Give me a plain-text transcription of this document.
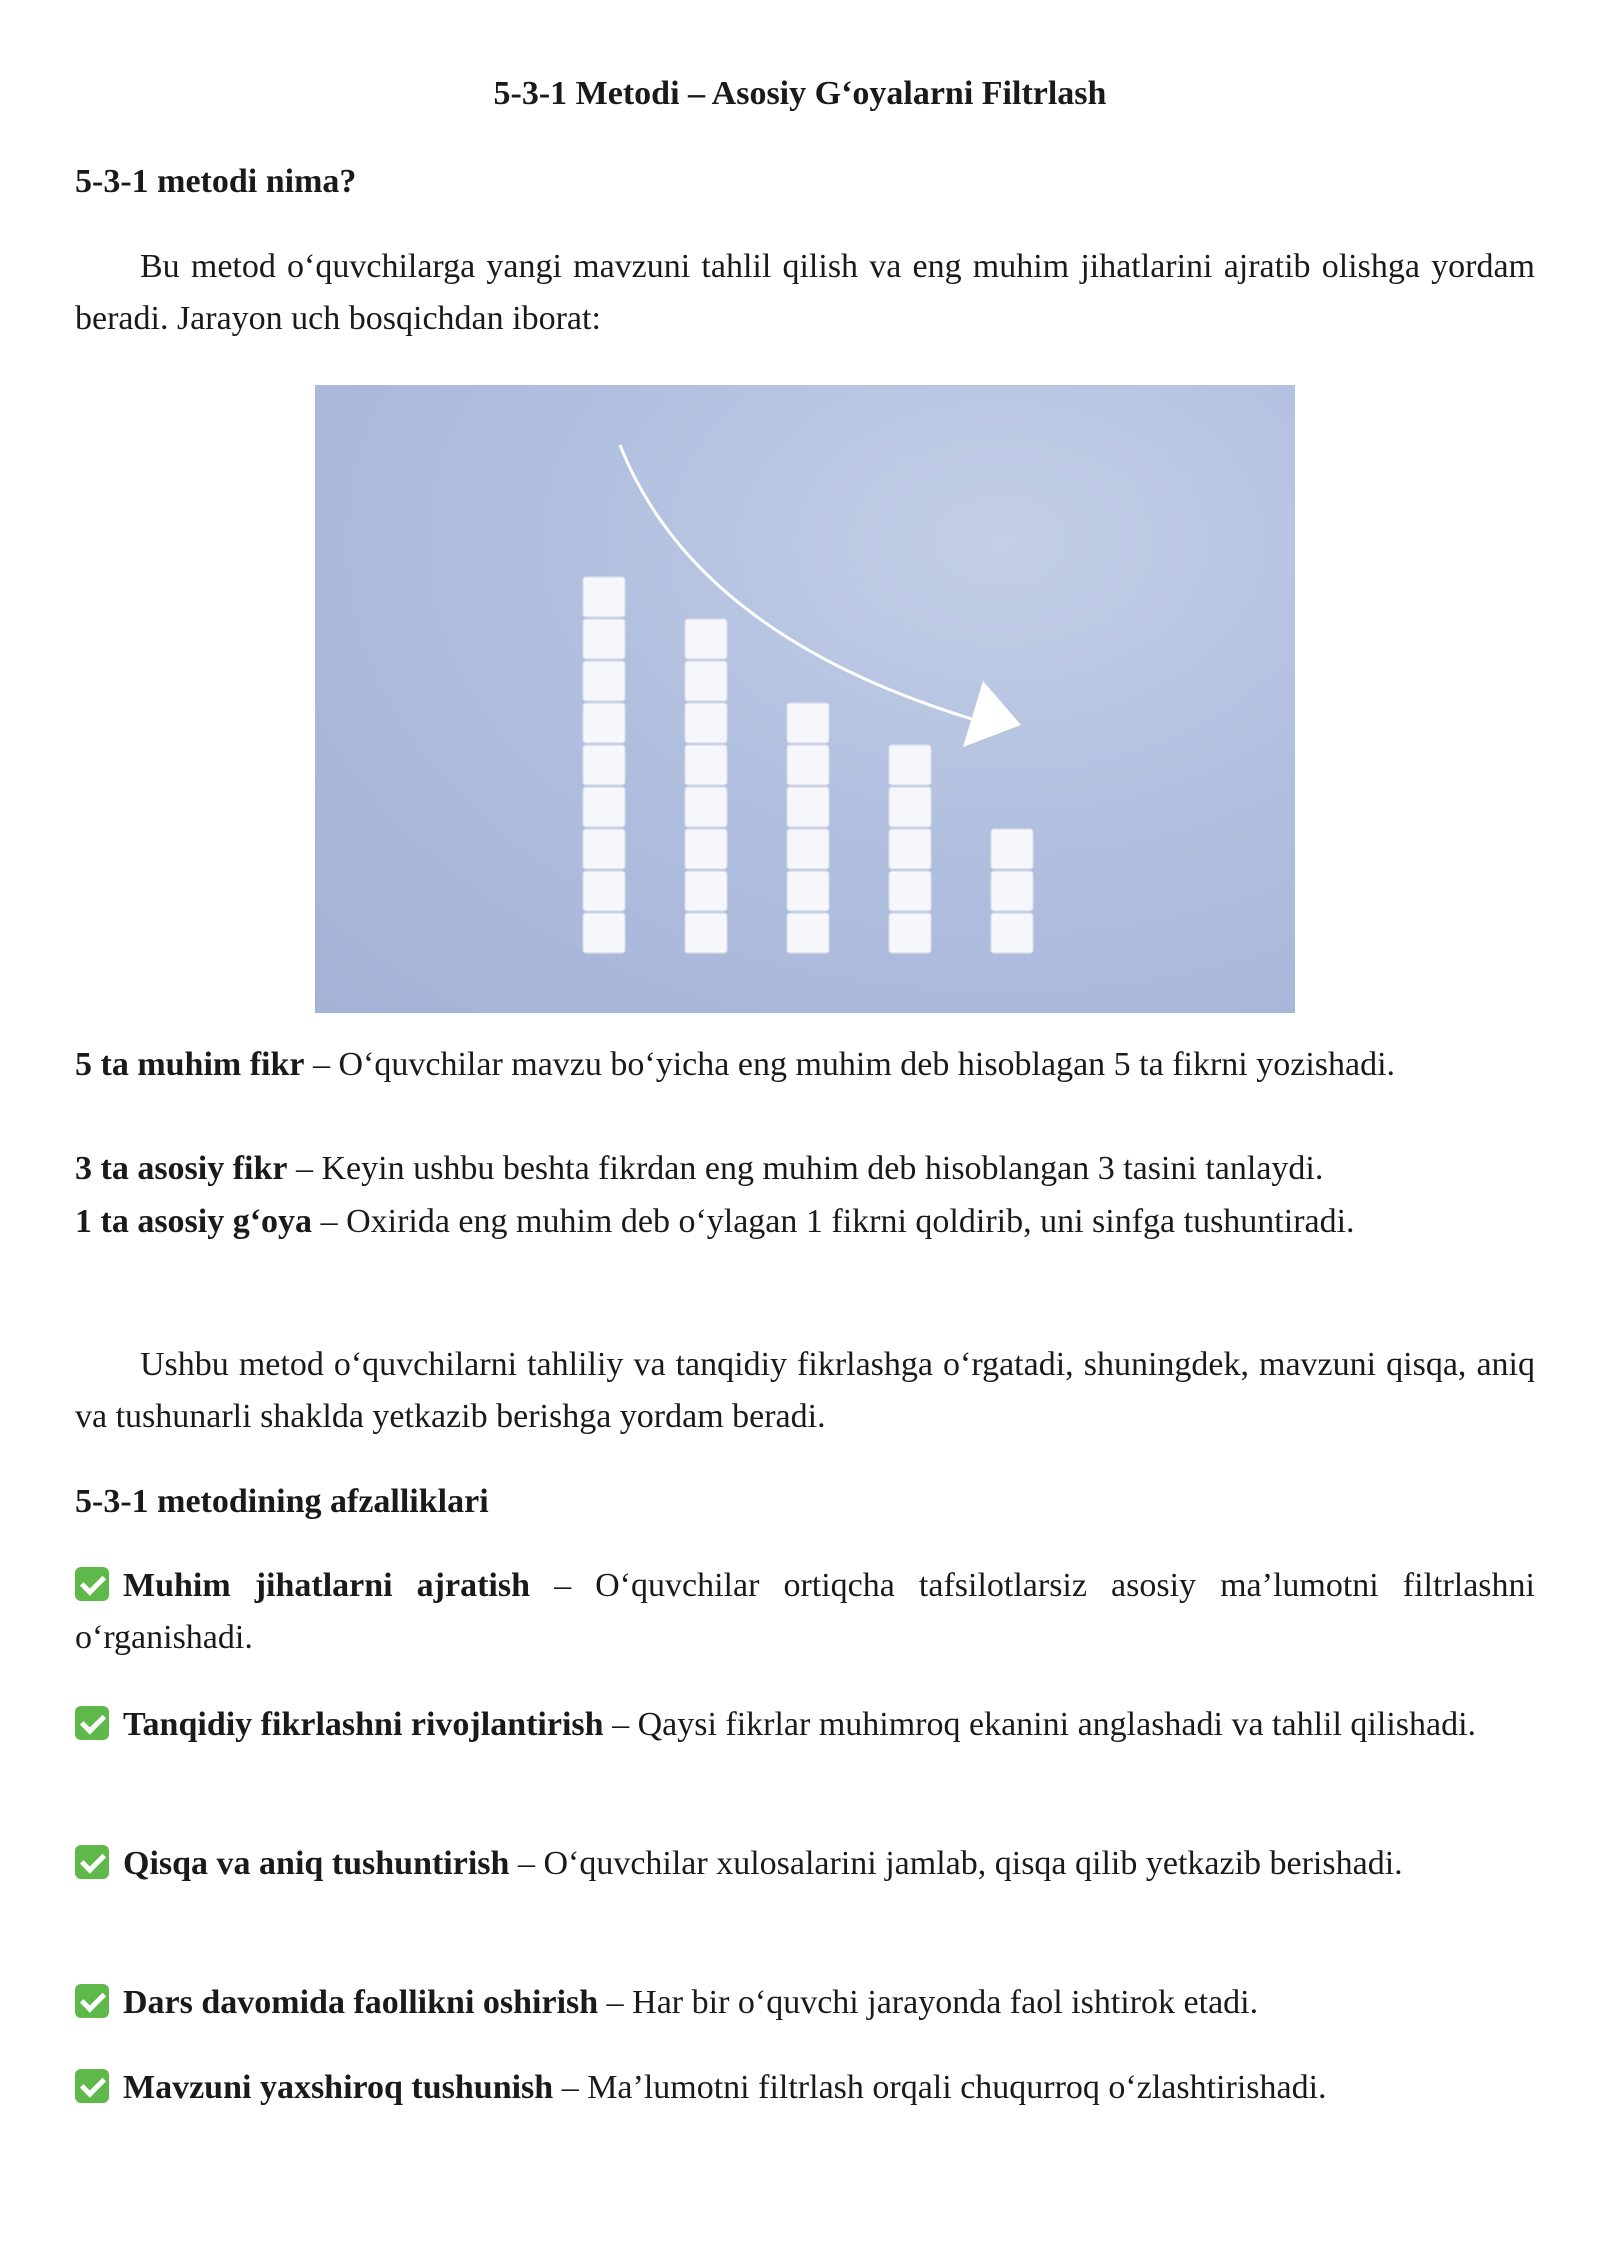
5-3-1 Metodi – Asosiy G‘oyalarni Filtrlash
5-3-1 metodi nima?

Bu metod o‘quvchilarga yangi mavzuni tahlil qilish va eng muhim jihatlarini ajratib olishga yordam beradi. Jarayon uch bosqichdan iborat:

5 ta muhim fikr – O‘quvchilar mavzu bo‘yicha eng muhim deb hisoblagan 5 ta fikrni yozishadi.

3 ta asosiy fikr – Keyin ushbu beshta fikrdan eng muhim deb hisoblangan 3 tasini tanlaydi.

1 ta asosiy g‘oya – Oxirida eng muhim deb o‘ylagan 1 fikrni qoldirib, uni sinfga tushuntiradi.

Ushbu metod o‘quvchilarni tahliliy va tanqidiy fikrlashga o‘rgatadi, shuningdek, mavzuni qisqa, aniq va tushunarli shaklda yetkazib berishga yordam beradi.

5-3-1 metodining afzalliklari

Muhim jihatlarni ajratish – O‘quvchilar ortiqcha tafsilotlarsiz asosiy ma’lumotni filtrlashni o‘rganishadi.

Tanqidiy fikrlashni rivojlantirish – Qaysi fikrlar muhimroq ekanini anglashadi va tahlil qilishadi.

Qisqa va aniq tushuntirish – O‘quvchilar xulosalarini jamlab, qisqa qilib yetkazib berishadi.

Dars davomida faollikni oshirish – Har bir o‘quvchi jarayonda faol ishtirok etadi.

Mavzuni yaxshiroq tushunish – Ma’lumotni filtrlash orqali chuqurroq o‘zlashtirishadi.
